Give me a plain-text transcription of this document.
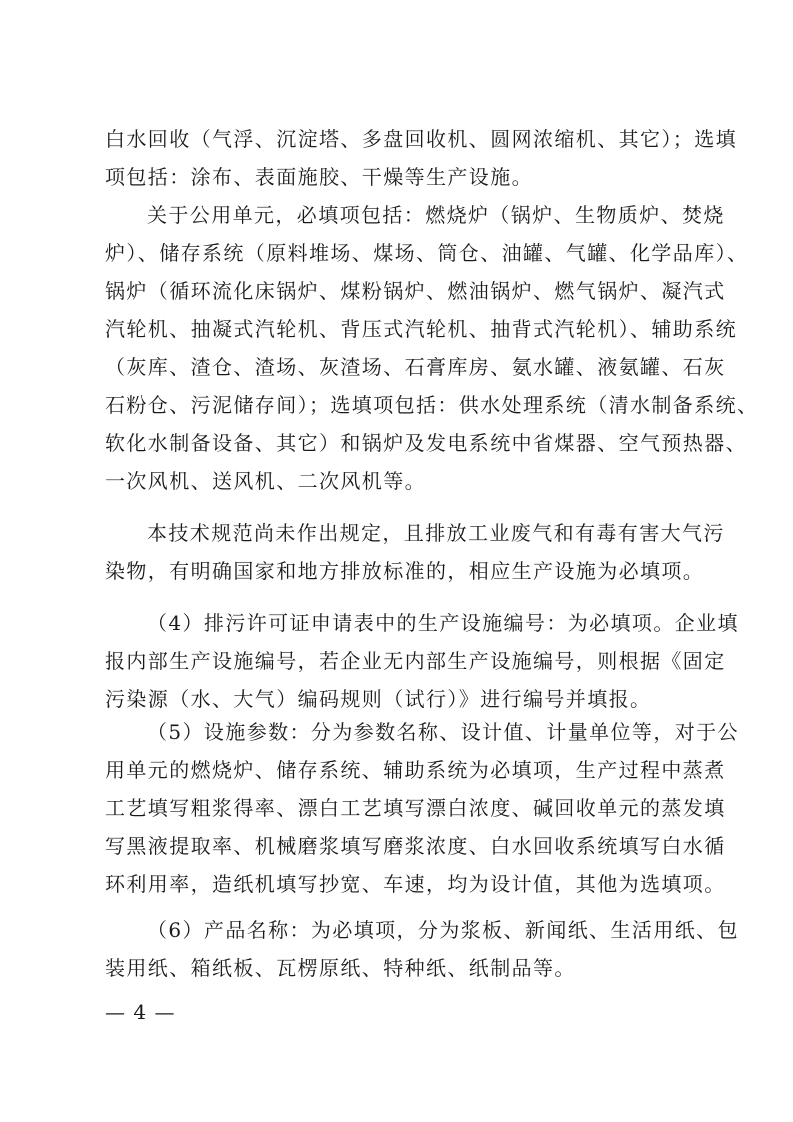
白水回收（气浮、沉淀塔、多盘回收机、圆网浓缩机、其它）；选填
项包括：涂布、表面施胶、干燥等生产设施。
关于公用单元，必填项包括：燃烧炉（锅炉、生物质炉、焚烧
炉）、储存系统（原料堆场、煤场、筒仓、油罐、气罐、化学品库）、
锅炉（循环流化床锅炉、煤粉锅炉、燃油锅炉、燃气锅炉、凝汽式
汽轮机、抽凝式汽轮机、背压式汽轮机、抽背式汽轮机）、辅助系统
（灰库、渣仓、渣场、灰渣场、石膏库房、氨水罐、液氨罐、石灰
石粉仓、污泥储存间）；选填项包括：供水处理系统（清水制备系统、
软化水制备设备、其它）和锅炉及发电系统中省煤器、空气预热器、
一次风机、送风机、二次风机等。
本技术规范尚未作出规定，且排放工业废气和有毒有害大气污
染物，有明确国家和地方排放标准的，相应生产设施为必填项。
（4）排污许可证申请表中的生产设施编号：为必填项。企业填
报内部生产设施编号，若企业无内部生产设施编号，则根据《固定
污染源（水、大气）编码规则（试行）》进行编号并填报。
（5）设施参数：分为参数名称、设计值、计量单位等，对于公
用单元的燃烧炉、储存系统、辅助系统为必填项，生产过程中蒸煮
工艺填写粗浆得率、漂白工艺填写漂白浓度、碱回收单元的蒸发填
写黑液提取率、机械磨浆填写磨浆浓度、白水回收系统填写白水循
环利用率，造纸机填写抄宽、车速，均为设计值，其他为选填项。
（6）产品名称：为必填项，分为浆板、新闻纸、生活用纸、包
装用纸、箱纸板、瓦楞原纸、特种纸、纸制品等。
— 4 —
